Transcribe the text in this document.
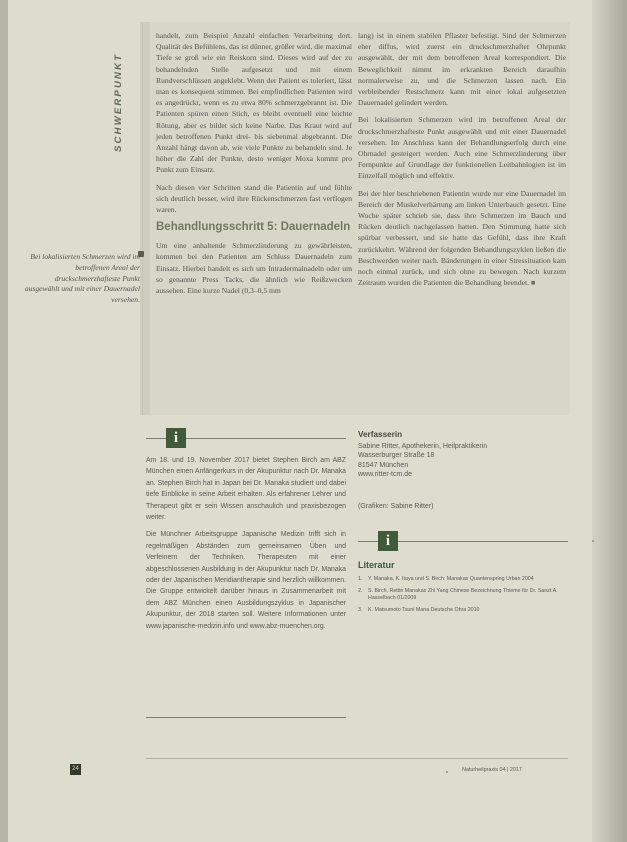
SCHWERPUNKT

handelt, zum Beispiel Anzahl einfachen Verarbeitung dort. Qualität des Befühlens, das ist dünner, größer wird, die maximal Tiefe se groß wie ein Reiskorn sind. Dieses wird auf der zu behandelnden Stelle aufgesetzt und mit einem Rundverschlüssen angeklebt. Wenn der Patient es toleriert, lässt man es konsequent stimmen. Bei empfindlichen Patienten wird es angedrückt, wenn es zu etwa 80% schmerzgebrannt ist. Die Patienten spüren einen Stich, es bleibt eventuell eine leichte Rötung, aber es bildet sich keine Narbe. Das Kraut wird auf jeden betroffenen Punkt drei- bis siebenmal abgebrannt. Die Anzahl hängt davon ab, wie viele Punkte zu behandeln sind. Je höher die Zahl der Punkte, desto weniger Moxa kommt pro Punkt zum Einsatz.

Nach diesen vier Schritten stand die Patientin auf und fühlte sich deutlich besser, wird ihre Rückenschmerzen fast verflogen waren.

Behandlungsschritt 5: Dauernadeln

Um eine anhaltende Schmerzlinderung zu gewährleisten, kommen bei den Patienten am Schluss Dauernadeln zum Einsatz. Hierbei handelt es sich um Intradermalnadeln oder um so genannte Press Tacks, die ähnlich wie Reißzwecken aussehen. Eine kurze Nadel (0,3–0,5 mm

lang) ist in einem stabilen Pflaster befestigt. Sind der Schmerzen eher diffus, wird zuerst ein druckschmerzhafter Ohrpunkt ausgewählt, der mit dem betroffenen Areal korrespondiert. Die Beweglichkeit nimmt im erkrankten Bereich daraufhin normalerweise zu, und die Schmerzen lassen nach. Ein verbleibender Restschmerz kann mit einer lokal aufgesetzten Dauernadel gelindert werden.

Bei lokalisierten Schmerzen wird im betroffenen Areal der druckschmerzhafteste Punkt ausgewählt und mit einer Dauernadel versehen. Im Anschluss kann der Behandlungserfolg durch eine Ohrnadel gesteigert werden. Auch eine Schmerzlinderung über Fernpunkte auf Grundlage der funktionellen Leitbahnlogien ist im Einzelfall möglich und effektiv.

Bei der hier beschriebenen Patientin wurde nur eine Dauernadel im Bereich der Muskelverhärtung am linken Unterbauch gesetzt. Eine Woche später schrieb sie, dass ihre Schmerzen im Bauch und Rücken deutlich nachgelassen hatten. Den Stimmung hatte sich spürbar verbessert, und sie hatte das Gefühl, dass ihre Kraft zurückkehrt. Während der folgenden Behandlungszyklen ließen die Beschwerden weiter nach. Bänderungen in einer Stressituation kam noch einmal zurück, und sich ohne zu bewegen. Nach kurzem Zeitraum wurden die Patienten die Behandlung beendet. ■

Bei lokalisierten Schmerzen wird im betroffenen Areal der druckschmerzhafteste Punkt ausgewählt und mit einer Dauernadel versehen.
i

Am 18. und 19. November 2017 bietet Stephen Birch am ABZ München einen Anfängerkurs in der Akupunktur nach Dr. Manaka an. Stephen Birch hat in Japan bei Dr. Manaka studiert und dabei tiefe Einblicke in seine Arbeit erhalten. Als erfahrener Lehrer und Therapeut gibt er sein Wissen anschaulich und praxisbezogen weiter.

Die Münchner Arbeitsgruppe Japanische Medizin trifft sich in regelmäßigen Abständen zum gemeinsamen Üben und Verfeinern der Techniken. Therapeuten mit einer abgeschlossenen Ausbildung in der Akupunktur nach Dr. Manaka oder der Japanischen Meridiantherapie sind herzlich willkommen. Die Gruppe entwickelt darüber hinaus in Zusammenarbeit mit dem ABZ München einen Ausbildungszyklus in Japanischer Akupunktur, der 2018 starten soll. Weitere Informationen unter www.japanische-medizin.info und www.abz-muenchen.org.

Verfasserin
Sabine Ritter, Apothekerin, Heilpraktikerin
Wasserburger Straße 18
81547 München
www.ritter-tcm.de
(Grafiken: Sabine Ritter)
i
Literatur
1.	Y. Manaka, K. Itaya und S. Birch: Manakas Quantenspring Urban 2004
2.	S. Birch, Rettin Manakas Zhi Yang Chinese Bezeichnung Thieme für Dr. Sanzt A. Hasselbach 01/2009
3.	K. Matsumoto Tsuni Mana Deutsche Ohra 2010
24	Naturheilpraxis 04 | 2017
